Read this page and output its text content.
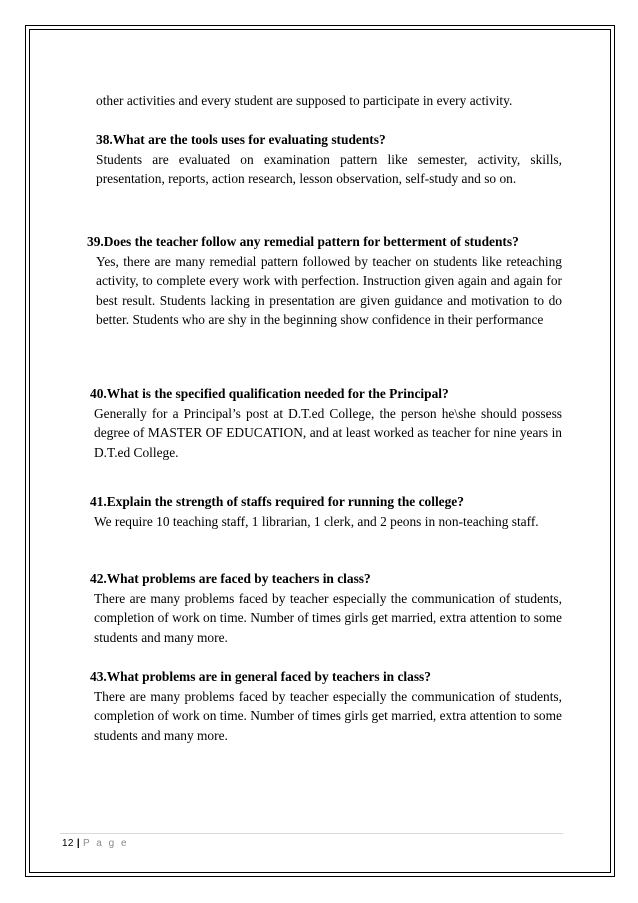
other activities and every student are supposed to participate in every activity.

38.What are the tools uses for evaluating students?

Students are evaluated on examination pattern like semester, activity, skills, presentation, reports, action research, lesson observation, self-study and so on.

39.Does the teacher follow any remedial pattern for betterment of students?

Yes, there are many remedial pattern followed by teacher on students like reteaching activity, to complete every work with perfection. Instruction given again and again for best result. Students lacking in presentation are given guidance and motivation to do better. Students who are shy in the beginning show confidence in their performance

40.What is the specified qualification needed for the Principal?

Generally for a Principal’s post at D.T.ed College, the person he\she should possess degree of MASTER OF EDUCATION, and at least worked as teacher for nine years in D.T.ed College.

41.Explain the strength of staffs required for running the college?

We require 10 teaching staff, 1 librarian, 1 clerk, and 2 peons in non-teaching staff.

42.What problems are faced by teachers in class?

There are many problems faced by teacher especially the communication of students, completion of work on time. Number of times girls get married, extra attention to some students and many more.

43.What problems are in general faced by teachers in class?

There are many problems faced by teacher especially the communication of students, completion of work on time. Number of times girls get married, extra attention to some students and many more.

12 | P a g e
